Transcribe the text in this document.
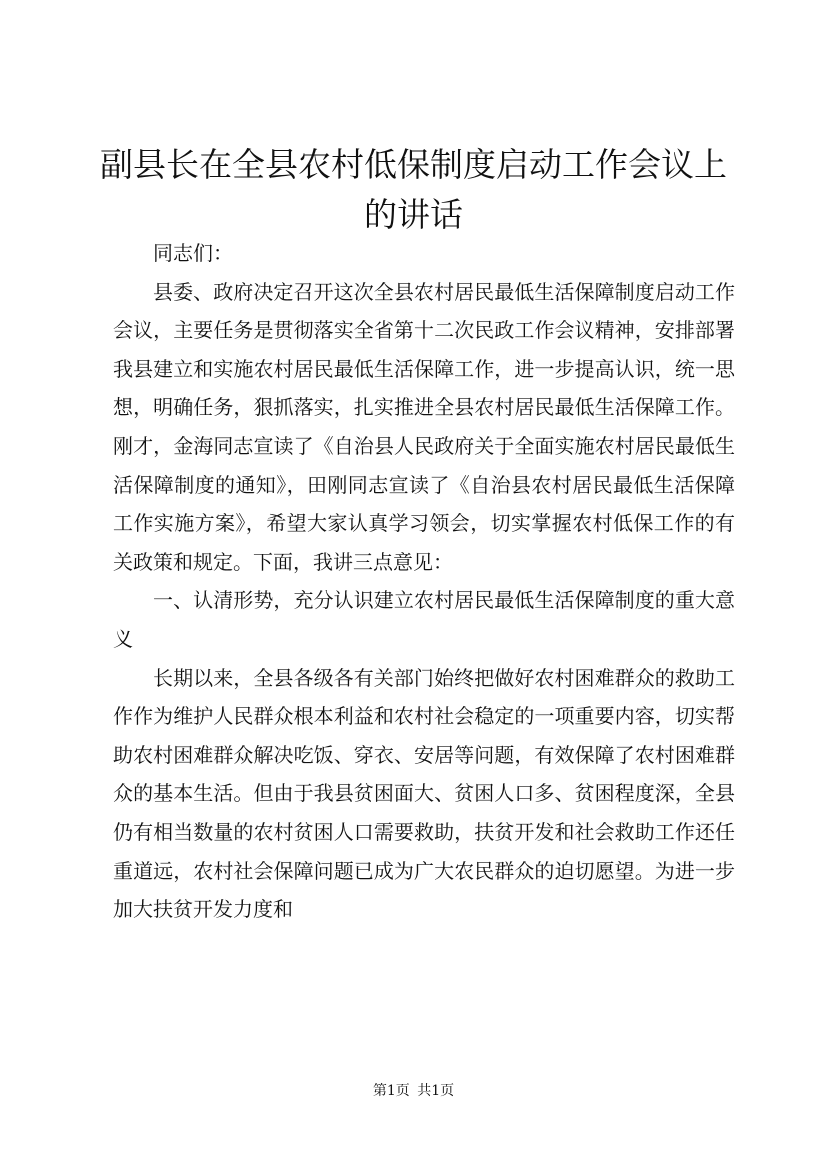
副县长在全县农村低保制度启动工作会议上的讲话

同志们：

县委、政府决定召开这次全县农村居民最低生活保障制度启动工作会议，主要任务是贯彻落实全省第十二次民政工作会议精神，安排部署我县建立和实施农村居民最低生活保障工作，进一步提高认识，统一思想，明确任务，狠抓落实，扎实推进全县农村居民最低生活保障工作。刚才，金海同志宣读了《自治县人民政府关于全面实施农村居民最低生活保障制度的通知》，田刚同志宣读了《自治县农村居民最低生活保障工作实施方案》，希望大家认真学习领会，切实掌握农村低保工作的有关政策和规定。下面，我讲三点意见：

一、认清形势，充分认识建立农村居民最低生活保障制度的重大意义

长期以来，全县各级各有关部门始终把做好农村困难群众的救助工作作为维护人民群众根本利益和农村社会稳定的一项重要内容，切实帮助农村困难群众解决吃饭、穿衣、安居等问题，有效保障了农村困难群众的基本生活。但由于我县贫困面大、贫困人口多、贫困程度深，全县仍有相当数量的农村贫困人口需要救助，扶贫开发和社会救助工作还任重道远，农村社会保障问题已成为广大农民群众的迫切愿望。为进一步加大扶贫开发力度和

第1页 共1页
